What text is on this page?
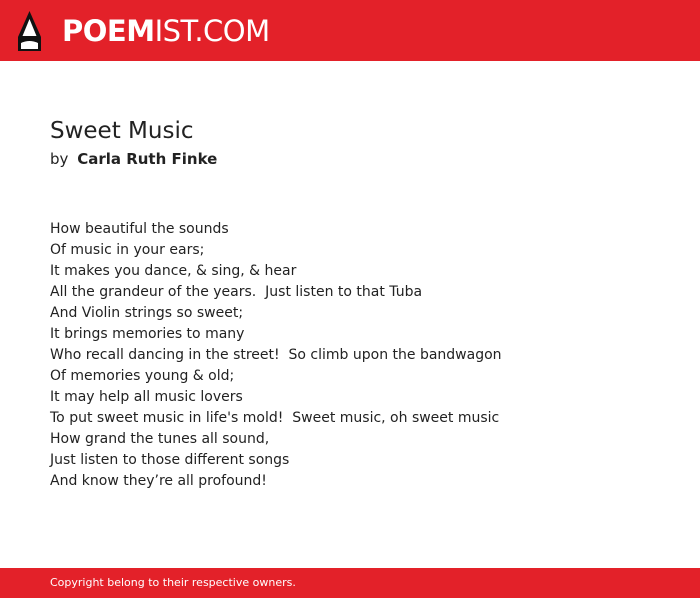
POEMIST.COM
Sweet Music
by Carla Ruth Finke
How beautiful the sounds
Of music in your ears;
It makes you dance, & sing, & hear
All the grandeur of the years.  Just listen to that Tuba
And Violin strings so sweet;
It brings memories to many
Who recall dancing in the street!  So climb upon the bandwagon
Of memories young & old;
It may help all music lovers
To put sweet music in life's mold!  Sweet music, oh sweet music
How grand the tunes all sound,
Just listen to those different songs
And know they’re all profound!
Copyright belong to their respective owners.
